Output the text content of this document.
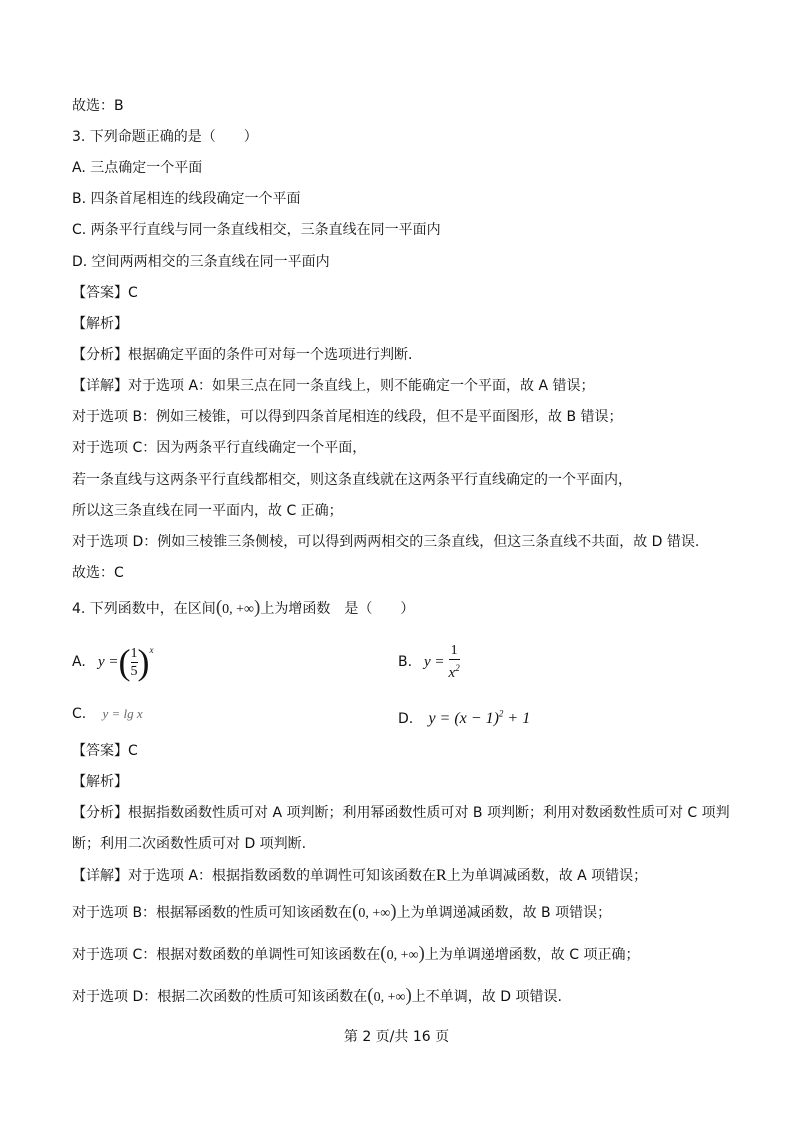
故选：B
3. 下列命题正确的是（　　）
A. 三点确定一个平面
B. 四条首尾相连的线段确定一个平面
C. 两条平行直线与同一条直线相交，三条直线在同一平面内
D. 空间两两相交的三条直线在同一平面内
【答案】C
【解析】
【分析】根据确定平面的条件可对每一个选项进行判断.
【详解】对于选项 A：如果三点在同一条直线上，则不能确定一个平面，故 A 错误；
对于选项 B：例如三棱锥，可以得到四条首尾相连的线段，但不是平面图形，故 B 错误；
对于选项 C：因为两条平行直线确定一个平面，
若一条直线与这两条平行直线都相交，则这条直线就在这两条平行直线确定的一个平面内，
所以这三条直线在同一平面内，故 C 正确；
对于选项 D：例如三棱锥三条侧棱，可以得到两两相交的三条直线，但这三条直线不共面，故 D 错误.
故选：C
4. 下列函数中，在区间(0, +∞)上为增函数　是（　　）
A. y = ( $\frac{1}{5} )^x$
B. $y = \frac{1}{x^2}$
C. y = lg x	D. $y = (x - 1)^2 + 1$
【答案】C
【解析】
【分析】根据指数函数性质可对 A 项判断；利用幂函数性质可对 B 项判断；利用对数函数性质可对 C 项判
断；利用二次函数性质可对 D 项判断.
【详解】对于选项 A：根据指数函数的单调性可知该函数在R上为单调减函数，故 A 项错误；
对于选项 B：根据幂函数的性质可知该函数在(0, +∞)上为单调递减函数，故 B 项错误；
对于选项 C：根据对数函数的单调性可知该函数在(0, +∞)上为单调递增函数，故 C 项正确；
对于选项 D：根据二次函数的性质可知该函数在(0, +∞)上不单调，故 D 项错误.
第 2 页/共 16 页
